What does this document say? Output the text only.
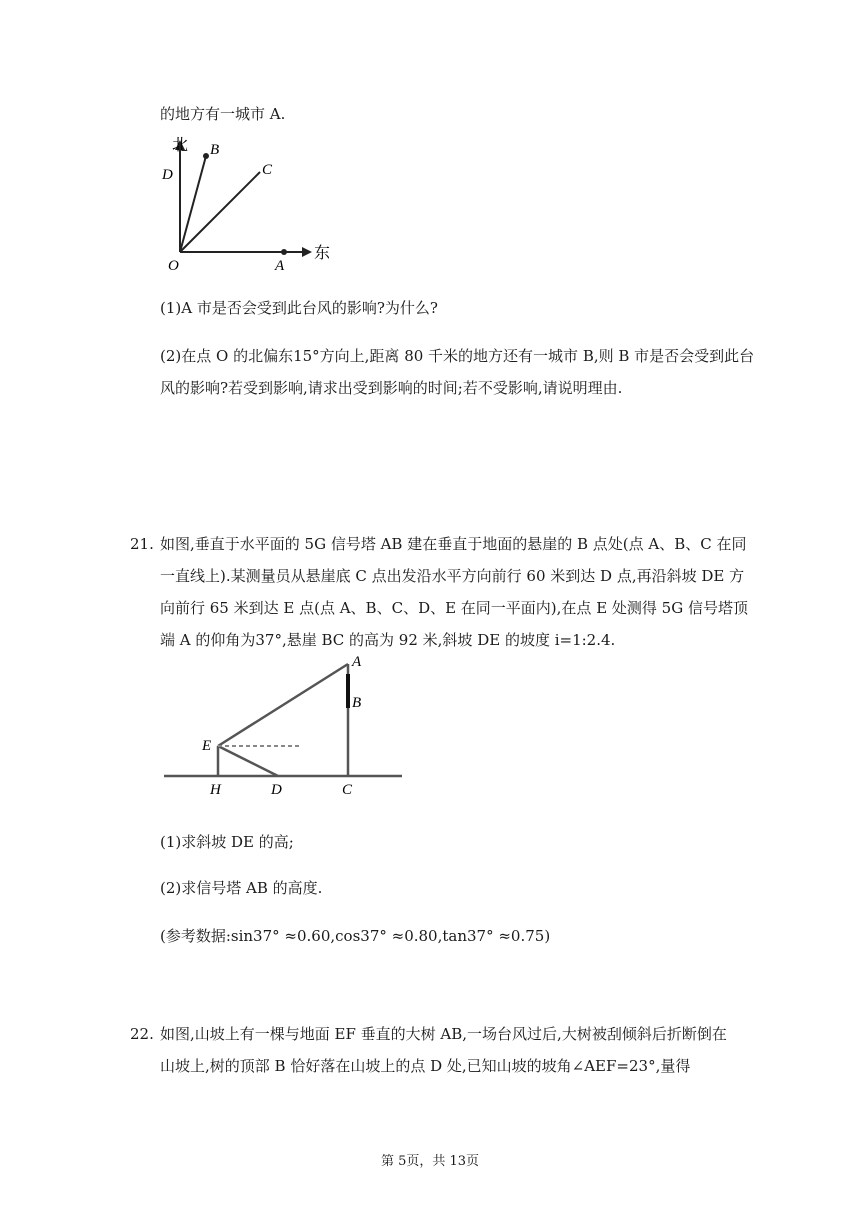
的地方有一城市 A.
北
东
B
C
D
O	A
(1)A 市是否会受到此台风的影响?为什么?
(2)在点 O 的北偏东15°方向上,距离 80 千米的地方还有一城市 B,则 B 市是否会受到此台
风的影响?若受到影响,请求出受到影响的时间;若不受影响,请说明理由.
21. 如图,垂直于水平面的 5G 信号塔 AB 建在垂直于地面的悬崖的 B 点处(点 A、B、C 在同
一直线上).某测量员从悬崖底 C 点出发沿水平方向前行 60 米到达 D 点,再沿斜坡 DE 方
向前行 65 米到达 E 点(点 A、B、C、D、E 在同一平面内),在点 E 处测得 5G 信号塔顶
端 A 的仰角为37°,悬崖 BC 的高为 92 米,斜坡 DE 的坡度 i=1:2.4.
A
B
C
D
E
H
(1)求斜坡 DE 的高;
(2)求信号塔 AB 的高度.
(参考数据:sin37° ≈0.60,cos37° ≈0.80,tan37° ≈0.75)
22. 如图,山坡上有一棵与地面 EF 垂直的大树 AB,一场台风过后,大树被刮倾斜后折断倒在
山坡上,树的顶部 B 恰好落在山坡上的点 D 处,已知山坡的坡角∠AEF=23°,量得
第 5页，共 13页
